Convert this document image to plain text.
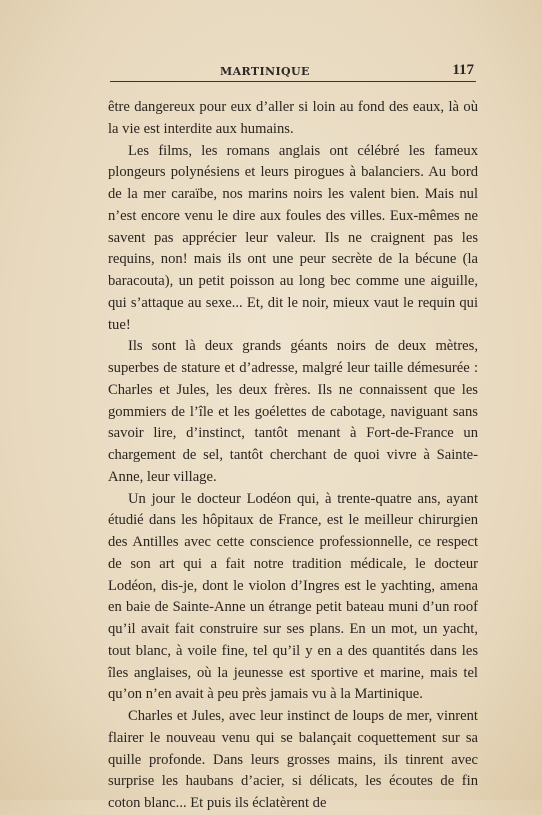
MARTINIQUE	117

être dangereux pour eux d’aller si loin au fond des eaux, là où la vie est interdite aux humains.

Les films, les romans anglais ont célébré les fameux plongeurs polynésiens et leurs pirogues à balanciers. Au bord de la mer caraïbe, nos marins noirs les valent bien. Mais nul n’est encore venu le dire aux foules des villes. Eux-mêmes ne savent pas apprécier leur valeur. Ils ne craignent pas les requins, non! mais ils ont une peur secrète de la bécune (la baracouta), un petit poisson au long bec comme une aiguille, qui s’attaque au sexe... Et, dit le noir, mieux vaut le requin qui tue!

Ils sont là deux grands géants noirs de deux mètres, superbes de stature et d’adresse, malgré leur taille démesurée : Charles et Jules, les deux frères. Ils ne connaissent que les gommiers de l’île et les goélettes de cabotage, naviguant sans savoir lire, d’instinct, tantôt menant à Fort-de-France un chargement de sel, tantôt cherchant de quoi vivre à Sainte-Anne, leur village.

Un jour le docteur Lodéon qui, à trente-quatre ans, ayant étudié dans les hôpitaux de France, est le meilleur chirurgien des Antilles avec cette conscience professionnelle, ce respect de son art qui a fait notre tradition médicale, le docteur Lodéon, dis-je, dont le violon d’Ingres est le yachting, amena en baie de Sainte-Anne un étrange petit bateau muni d’un roof qu’il avait fait construire sur ses plans. En un mot, un yacht, tout blanc, à voile fine, tel qu’il y en a des quantités dans les îles anglaises, où la jeunesse est sportive et marine, mais tel qu’on n’en avait à peu près jamais vu à la Martinique.

Charles et Jules, avec leur instinct de loups de mer, vinrent flairer le nouveau venu qui se balançait coquettement sur sa quille profonde. Dans leurs grosses mains, ils tinrent avec surprise les haubans d’acier, si délicats, les écoutes de fin coton blanc... Et puis ils éclatèrent de
